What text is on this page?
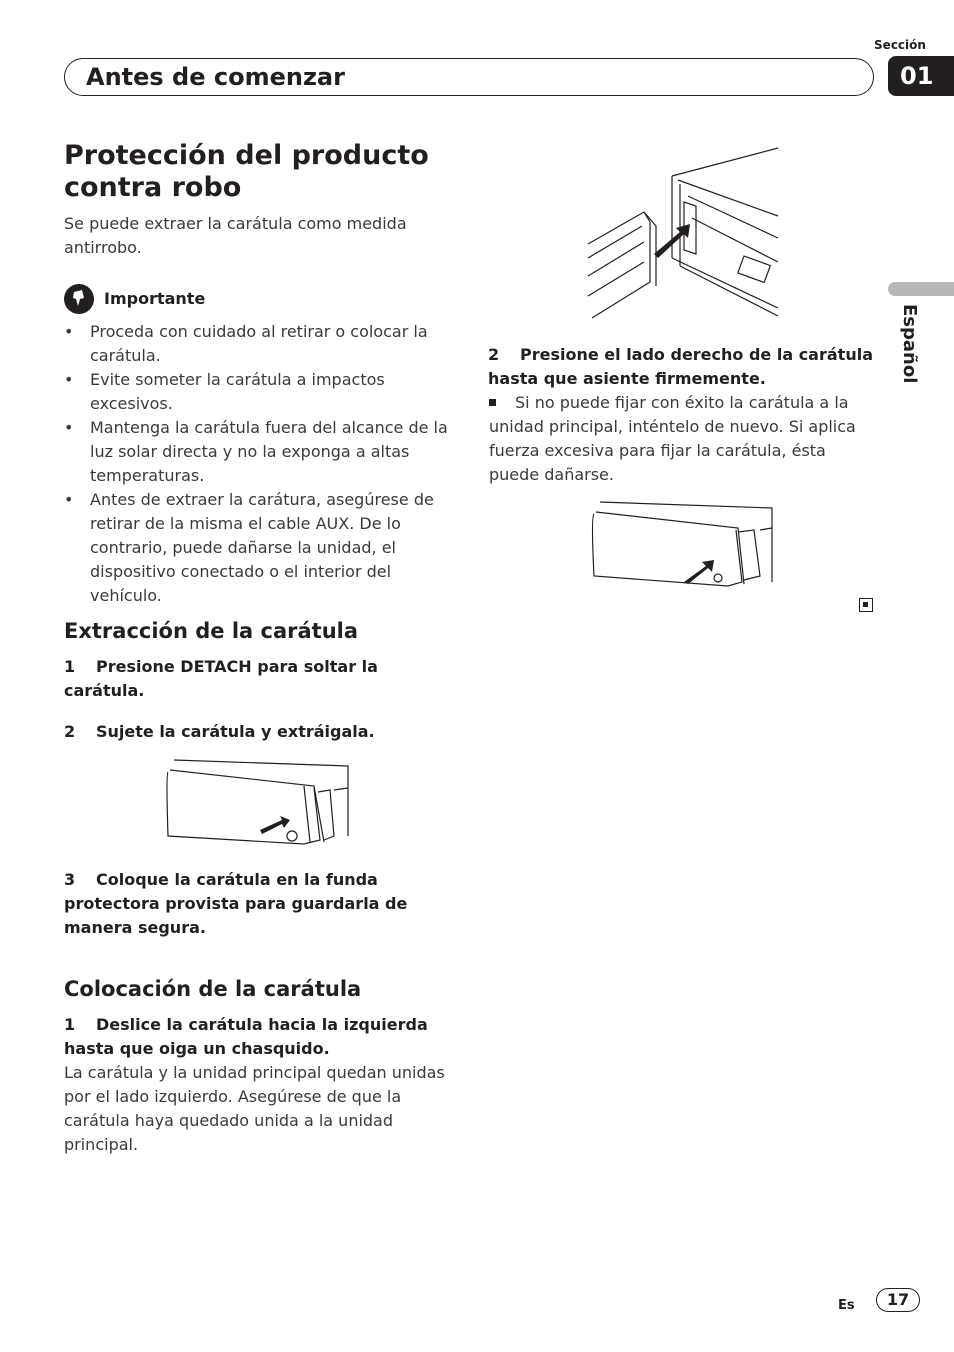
Sección
01
Antes de comenzar
Español
Protección del producto contra robo
Se puede extraer la carátula como medida antirrobo.
Importante
• Proceda con cuidado al retirar o colocar la carátula.
• Evite someter la carátula a impactos excesivos.
• Mantenga la carátula fuera del alcance de la luz solar directa y no la exponga a altas temperaturas.
• Antes de extraer la carátura, asegúrese de retirar de la misma el cable AUX. De lo contrario, puede dañarse la unidad, el dispositivo conectado o el interior del vehículo.
Extracción de la carátula
1 Presione DETACH para soltar la carátula.
2 Sujete la carátula y extráigala.
3 Coloque la carátula en la funda protectora provista para guardarla de manera segura.
Colocación de la carátula
1 Deslice la carátula hacia la izquierda hasta que oiga un chasquido.
La carátula y la unidad principal quedan unidas por el lado izquierdo. Asegúrese de que la carátula haya quedado unida a la unidad principal.
2 Presione el lado derecho de la carátula hasta que asiente firmemente.
Si no puede fijar con éxito la carátula a la unidad principal, inténtelo de nuevo. Si aplica fuerza excesiva para fijar la carátula, ésta puede dañarse.
Es	17
